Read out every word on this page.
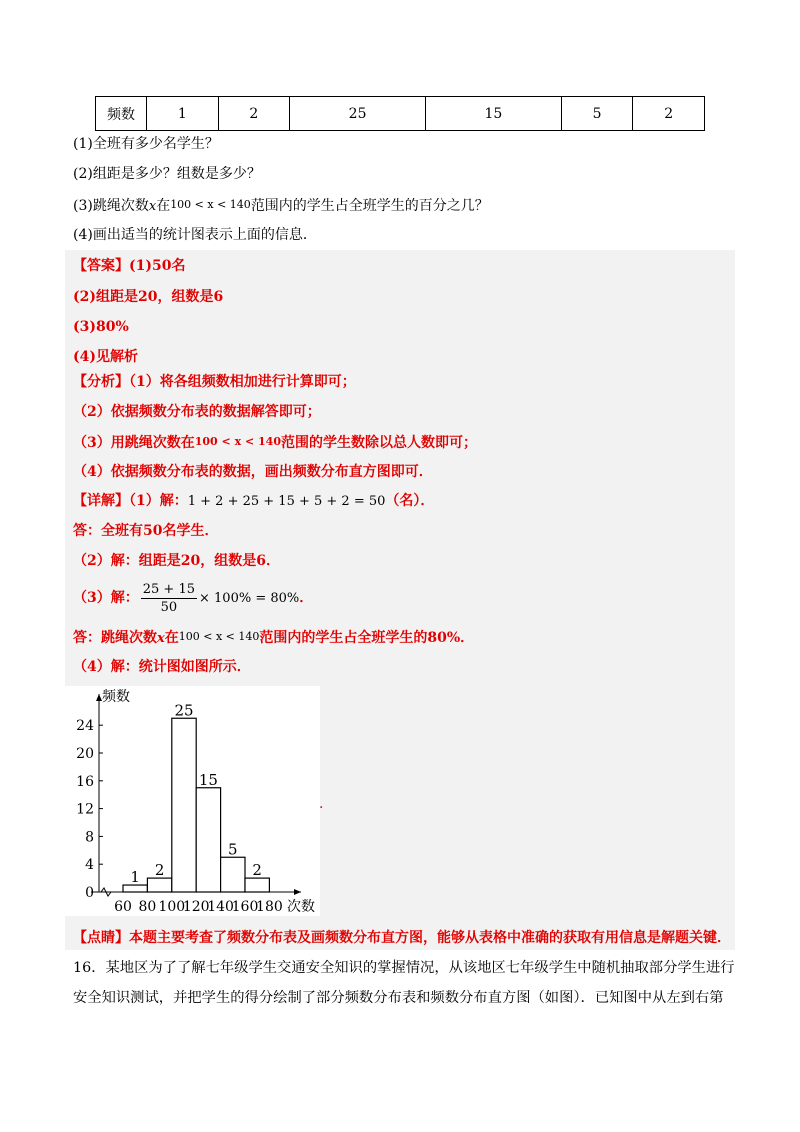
频数	1	2	25	15	5	2
(1)全班有多少名学生？
(2)组距是多少？组数是多少？
(3)跳绳次数x在100 < x < 140范围内的学生占全班学生的百分之几？
(4)画出适当的统计图表示上面的信息．
【答案】(1)50名
(2)组距是20，组数是6
(3)80%
(4)见解析
【分析】（1）将各组频数相加进行计算即可；
（2）依据频数分布表的数据解答即可；
（3）用跳绳次数在100 < x < 140范围的学生数除以总人数即可；
（4）依据频数分布表的数据，画出频数分布直方图即可．
【详解】（1）解：1 + 2 + 25 + 15 + 5 + 2 = 50（名）．
答：全班有50名学生．
（2）解：组距是20，组数是6．
（3）解： $\frac{25 + 15}{50} \times 100\% = 80\%$．
答：跳绳次数x在100 < x < 140范围内的学生占全班学生的80%．
（4）解：统计图如图所示．
频数
次数
0
4
8
12
16
20
24
1 2
25
15
5
2
60 80 100
120
140
160
180
.
【点睛】本题主要考查了频数分布表及画频数分布直方图，能够从表格中准确的获取有用信息是解题关键．
16．某地区为了了解七年级学生交通安全知识的掌握情况，从该地区七年级学生中随机抽取部分学生进行
安全知识测试，并把学生的得分绘制了部分频数分布表和频数分布直方图（如图）．已知图中从左到右第
